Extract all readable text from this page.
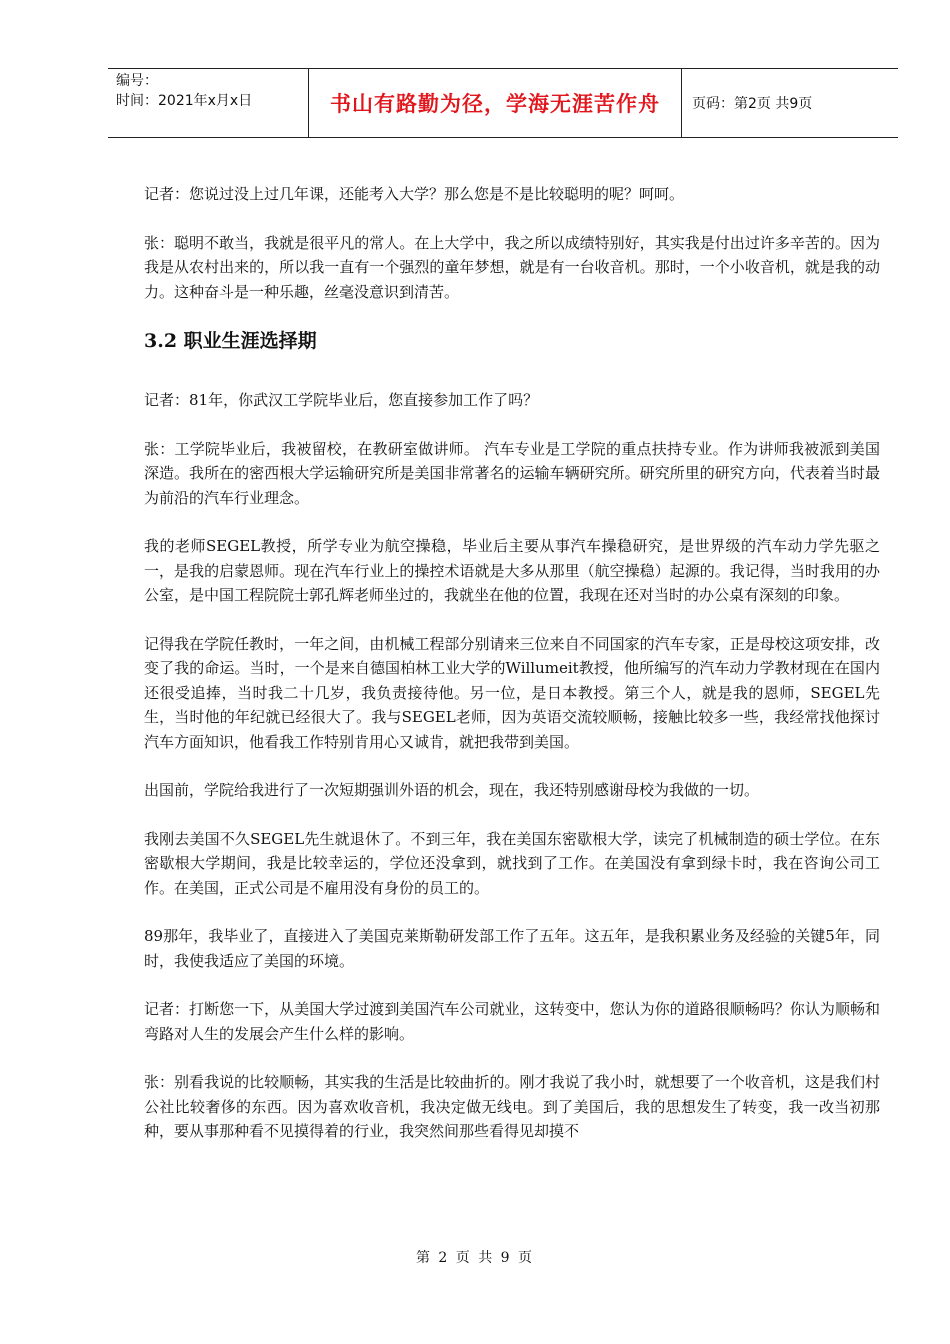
编号：
时间：2021年x月x日	书山有路勤为径，学海无涯苦作舟 页码：第2页 共9页

记者：您说过没上过几年课，还能考入大学？那么您是不是比较聪明的呢？呵呵。

张：聪明不敢当，我就是很平凡的常人。在上大学中，我之所以成绩特别好，其实我是付出过许多辛苦的。因为我是从农村出来的，所以我一直有一个强烈的童年梦想，就是有一台收音机。那时，一个小收音机，就是我的动力。这种奋斗是一种乐趣，丝毫没意识到清苦。

3.2 职业生涯选择期

记者：81年，你武汉工学院毕业后，您直接参加工作了吗？

张：工学院毕业后，我被留校，在教研室做讲师。 汽车专业是工学院的重点扶持专业。作为讲师我被派到美国深造。我所在的密西根大学运输研究所是美国非常著名的运输车辆研究所。研究所里的研究方向，代表着当时最为前沿的汽车行业理念。

我的老师SEGEL教授，所学专业为航空操稳，毕业后主要从事汽车操稳研究，是世界级的汽车动力学先驱之一，是我的启蒙恩师。现在汽车行业上的操控术语就是大多从那里（航空操稳）起源的。我记得，当时我用的办公室，是中国工程院院士郭孔辉老师坐过的，我就坐在他的位置，我现在还对当时的办公桌有深刻的印象。

记得我在学院任教时，一年之间，由机械工程部分别请来三位来自不同国家的汽车专家，正是母校这项安排，改变了我的命运。当时，一个是来自德国柏林工业大学的Willumeit教授，他所编写的汽车动力学教材现在在国内还很受追捧，当时我二十几岁，我负责接待他。另一位，是日本教授。第三个人，就是我的恩师，SEGEL先生，当时他的年纪就已经很大了。我与SEGEL老师，因为英语交流较顺畅，接触比较多一些，我经常找他探讨汽车方面知识，他看我工作特别肯用心又诚肯，就把我带到美国。

出国前，学院给我进行了一次短期强训外语的机会，现在，我还特别感谢母校为我做的一切。

我刚去美国不久SEGEL先生就退休了。不到三年，我在美国东密歇根大学，读完了机械制造的硕士学位。在东密歇根大学期间，我是比较幸运的，学位还没拿到，就找到了工作。在美国没有拿到绿卡时，我在咨询公司工作。在美国，正式公司是不雇用没有身份的员工的。

89那年，我毕业了，直接进入了美国克莱斯勒研发部工作了五年。这五年，是我积累业务及经验的关键5年，同时，我使我适应了美国的环境。

记者：打断您一下，从美国大学过渡到美国汽车公司就业，这转变中，您认为你的道路很顺畅吗？你认为顺畅和弯路对人生的发展会产生什么样的影响。

张：别看我说的比较顺畅，其实我的生活是比较曲折的。刚才我说了我小时，就想要了一个收音机，这是我们村公社比较奢侈的东西。因为喜欢收音机，我决定做无线电。到了美国后，我的思想发生了转变，我一改当初那种，要从事那种看不见摸得着的行业，我突然间那些看得见却摸不

第 2 页 共 9 页
